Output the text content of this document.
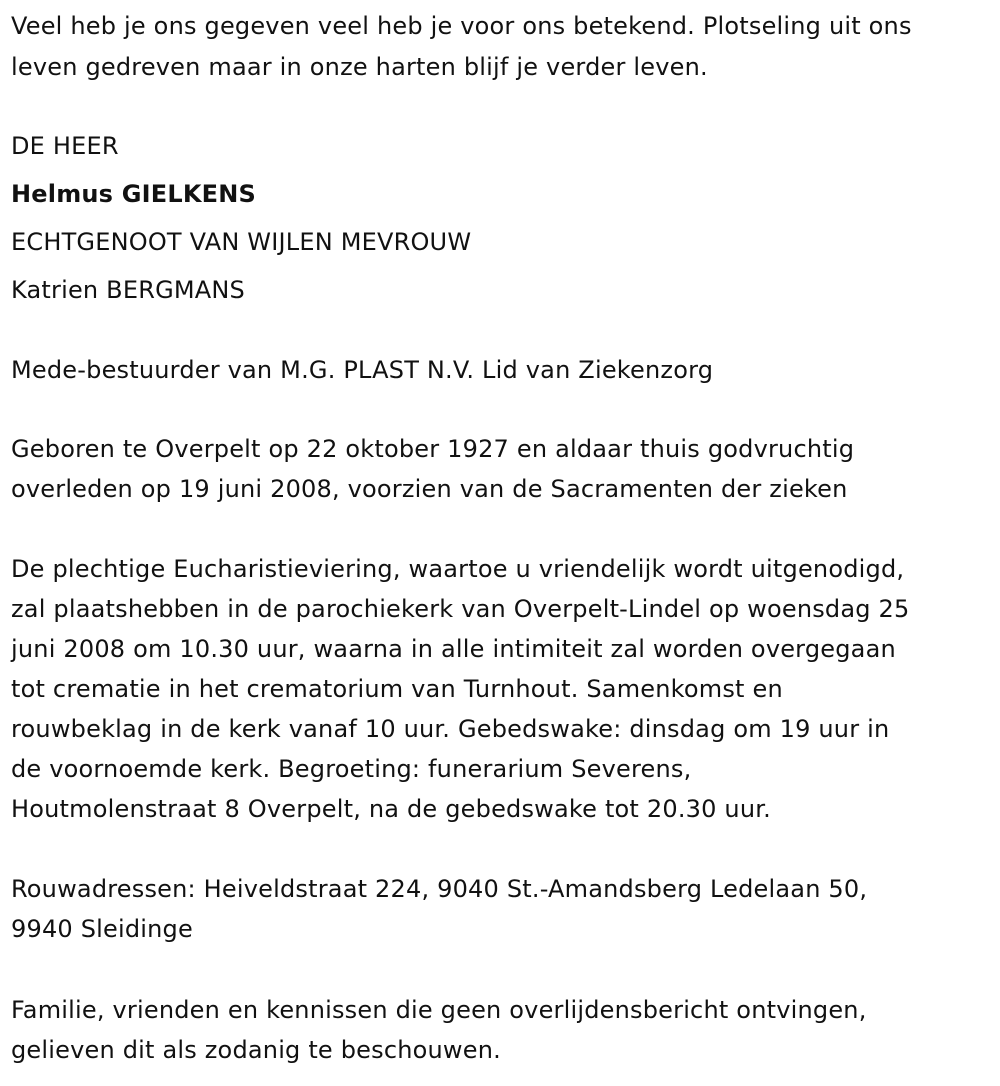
Veel heb je ons gegeven veel heb je voor ons betekend. Plotseling uit ons
leven gedreven maar in onze harten blijf je verder leven.
DE HEER
Helmus GIELKENS
ECHTGENOOT VAN WIJLEN MEVROUW
Katrien BERGMANS
Mede-bestuurder van M.G. PLAST N.V. Lid van Ziekenzorg
Geboren te Overpelt op 22 oktober 1927 en aldaar thuis godvruchtig
overleden op 19 juni 2008, voorzien van de Sacramenten der zieken
De plechtige Eucharistieviering, waartoe u vriendelijk wordt uitgenodigd,
zal plaatshebben in de parochiekerk van Overpelt-Lindel op woensdag 25
juni 2008 om 10.30 uur, waarna in alle intimiteit zal worden overgegaan
tot crematie in het crematorium van Turnhout. Samenkomst en
rouwbeklag in de kerk vanaf 10 uur. Gebedswake: dinsdag om 19 uur in
de voornoemde kerk. Begroeting: funerarium Severens,
Houtmolenstraat 8 Overpelt, na de gebedswake tot 20.30 uur.
Rouwadressen: Heiveldstraat 224, 9040 St.-Amandsberg Ledelaan 50,
9940 Sleidinge
Familie, vrienden en kennissen die geen overlijdensbericht ontvingen,
gelieven dit als zodanig te beschouwen.
